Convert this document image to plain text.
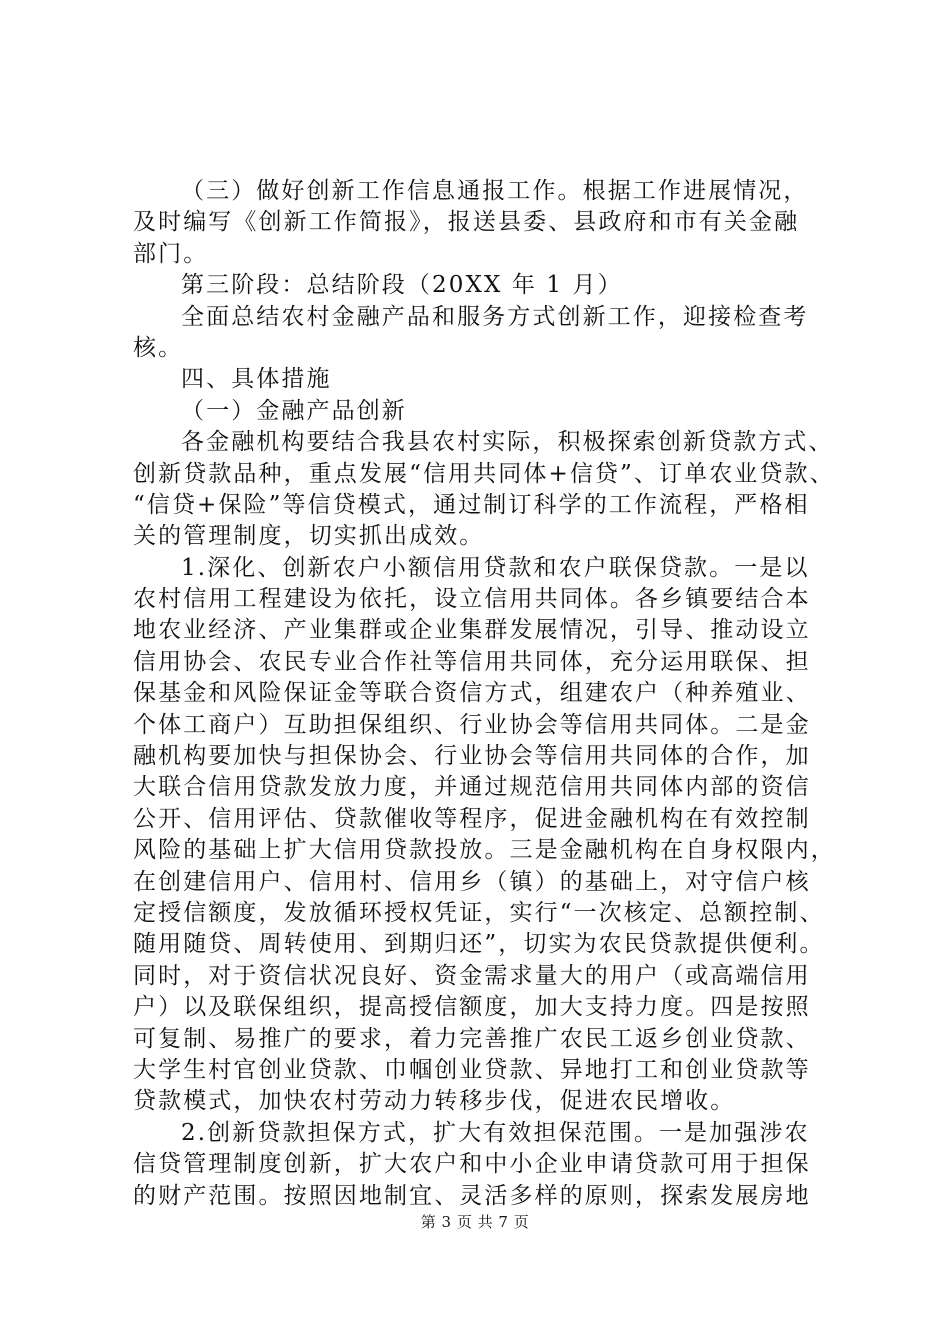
（三）做好创新工作信息通报工作。根据工作进展情况，
及时编写《创新工作简报》，报送县委、县政府和市有关金融
部门。
第三阶段：总结阶段（20XX 年 1 月）
全面总结农村金融产品和服务方式创新工作，迎接检查考
核。
四、具体措施
（一）金融产品创新
各金融机构要结合我县农村实际，积极探索创新贷款方式、
创新贷款品种，重点发展“信用共同体+信贷”、订单农业贷款、
“信贷+保险”等信贷模式，通过制订科学的工作流程，严格相
关的管理制度，切实抓出成效。
1.深化、创新农户小额信用贷款和农户联保贷款。一是以
农村信用工程建设为依托，设立信用共同体。各乡镇要结合本
地农业经济、产业集群或企业集群发展情况，引导、推动设立
信用协会、农民专业合作社等信用共同体，充分运用联保、担
保基金和风险保证金等联合资信方式，组建农户（种养殖业、
个体工商户）互助担保组织、行业协会等信用共同体。二是金
融机构要加快与担保协会、行业协会等信用共同体的合作，加
大联合信用贷款发放力度，并通过规范信用共同体内部的资信
公开、信用评估、贷款催收等程序，促进金融机构在有效控制
风险的基础上扩大信用贷款投放。三是金融机构在自身权限内，
在创建信用户、信用村、信用乡（镇）的基础上，对守信户核
定授信额度，发放循环授权凭证，实行“一次核定、总额控制、
随用随贷、周转使用、到期归还”，切实为农民贷款提供便利。
同时，对于资信状况良好、资金需求量大的用户（或高端信用
户）以及联保组织，提高授信额度，加大支持力度。四是按照
可复制、易推广的要求，着力完善推广农民工返乡创业贷款、
大学生村官创业贷款、巾帼创业贷款、异地打工和创业贷款等
贷款模式，加快农村劳动力转移步伐，促进农民增收。
2.创新贷款担保方式，扩大有效担保范围。一是加强涉农
信贷管理制度创新，扩大农户和中小企业申请贷款可用于担保
的财产范围。按照因地制宜、灵活多样的原则，探索发展房地
第 3 页 共 7 页
